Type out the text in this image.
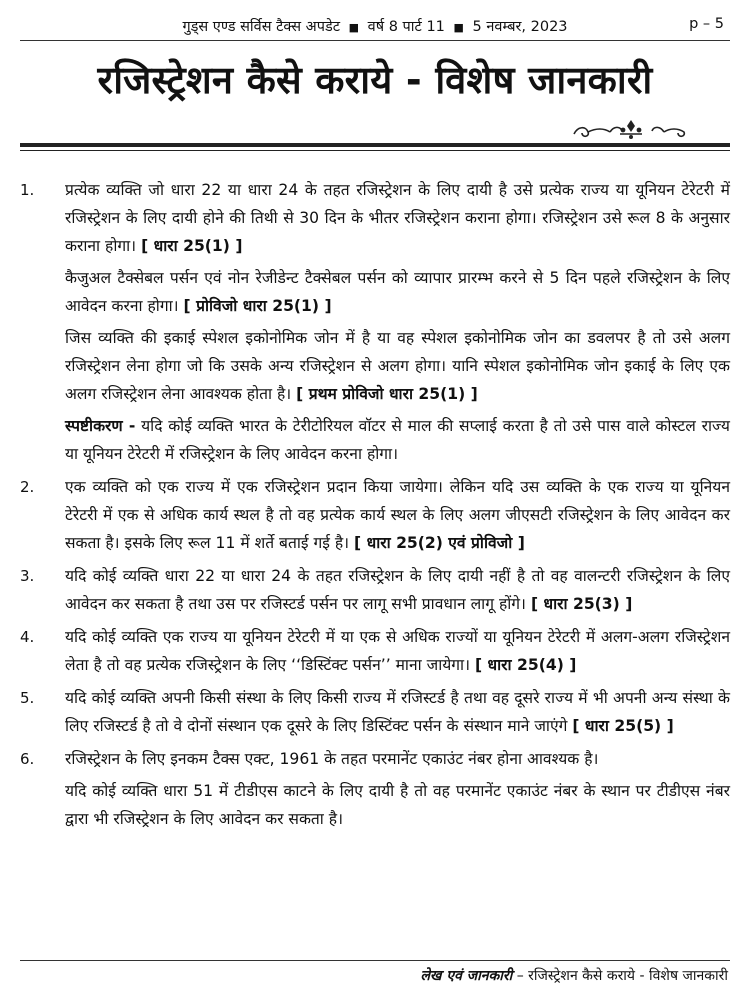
गुड्स एण्ड सर्विस टैक्स अपडेट ■ वर्ष 8 पार्ट 11 ■ 5 नवम्बर, 2023	p – 5
रजिस्ट्रेशन कैसे कराये - विशेष जानकारी
1. प्रत्येक व्यक्ति जो धारा 22 या धारा 24 के तहत रजिस्ट्रेशन के लिए दायी है उसे प्रत्येक राज्य या यूनियन टेरेटरी में रजिस्ट्रेशन के लिए दायी होने की तिथी से 30 दिन के भीतर रजिस्ट्रेशन कराना होगा। रजिस्ट्रेशन उसे रूल 8 के अनुसार कराना होगा। [ धारा 25(1) ]

कैजुअल टैक्सेबल पर्सन एवं नोन रेजीडेन्ट टैक्सेबल पर्सन को व्यापार प्रारम्भ करने से 5 दिन पहले रजिस्ट्रेशन के लिए आवेदन करना होगा। [ प्रोविजो धारा 25(1) ]

जिस व्यक्ति की इकाई स्पेशल इकोनोमिक जोन में है या वह स्पेशल इकोनोमिक जोन का डवलपर है तो उसे अलग रजिस्ट्रेशन लेना होगा जो कि उसके अन्य रजिस्ट्रेशन से अलग होगा। यानि स्पेशल इकोनोमिक जोन इकाई के लिए एक अलग रजिस्ट्रेशन लेना आवश्यक होता है। [ प्रथम प्रोविजो धारा 25(1) ]

स्पष्टीकरण - यदि कोई व्यक्ति भारत के टेरीटोरियल वॉटर से माल की सप्लाई करता है तो उसे पास वाले कोस्टल राज्य या यूनियन टेरेटरी में रजिस्ट्रेशन के लिए आवेदन करना होगा।

2. एक व्यक्ति को एक राज्य में एक रजिस्ट्रेशन प्रदान किया जायेगा। लेकिन यदि उस व्यक्ति के एक राज्य या यूनियन टेरेटरी में एक से अधिक कार्य स्थल है तो वह प्रत्येक कार्य स्थल के लिए अलग जीएसटी रजिस्ट्रेशन के लिए आवेदन कर सकता है। इसके लिए रूल 11 में शर्ते बताई गई है। [ धारा 25(2) एवं प्रोविजो ]

3. यदि कोई व्यक्ति धारा 22 या धारा 24 के तहत रजिस्ट्रेशन के लिए दायी नहीं है तो वह वालन्टरी रजिस्ट्रेशन के लिए आवेदन कर सकता है तथा उस पर रजिस्टर्ड पर्सन पर लागू सभी प्रावधान लागू होंगे। [ धारा 25(3) ]

4. यदि कोई व्यक्ति एक राज्य या यूनियन टेरेटरी में या एक से अधिक राज्यों या यूनियन टेरेटरी में अलग-अलग रजिस्ट्रेशन लेता है तो वह प्रत्येक रजिस्ट्रेशन के लिए ‘‘डिस्टिंक्ट पर्सन’’ माना जायेगा। [ धारा 25(4) ]

5. यदि कोई व्यक्ति अपनी किसी संस्था के लिए किसी राज्य में रजिस्टर्ड है तथा वह दूसरे राज्य में भी अपनी अन्य संस्था के लिए रजिस्टर्ड है तो वे दोनों संस्थान एक दूसरे के लिए डिस्टिंक्ट पर्सन के संस्थान माने जाएंगे [ धारा 25(5) ]

6. रजिस्ट्रेशन के लिए इनकम टैक्स एक्ट, 1961 के तहत परमानेंट एकाउंट नंबर होना आवश्यक है।

यदि कोई व्यक्ति धारा 51 में टीडीएस काटने के लिए दायी है तो वह परमानेंट एकाउंट नंबर के स्थान पर टीडीएस नंबर द्वारा भी रजिस्ट्रेशन के लिए आवेदन कर सकता है।

लेख एवं जानकारी – रजिस्ट्रेशन कैसे कराये - विशेष जानकारी
